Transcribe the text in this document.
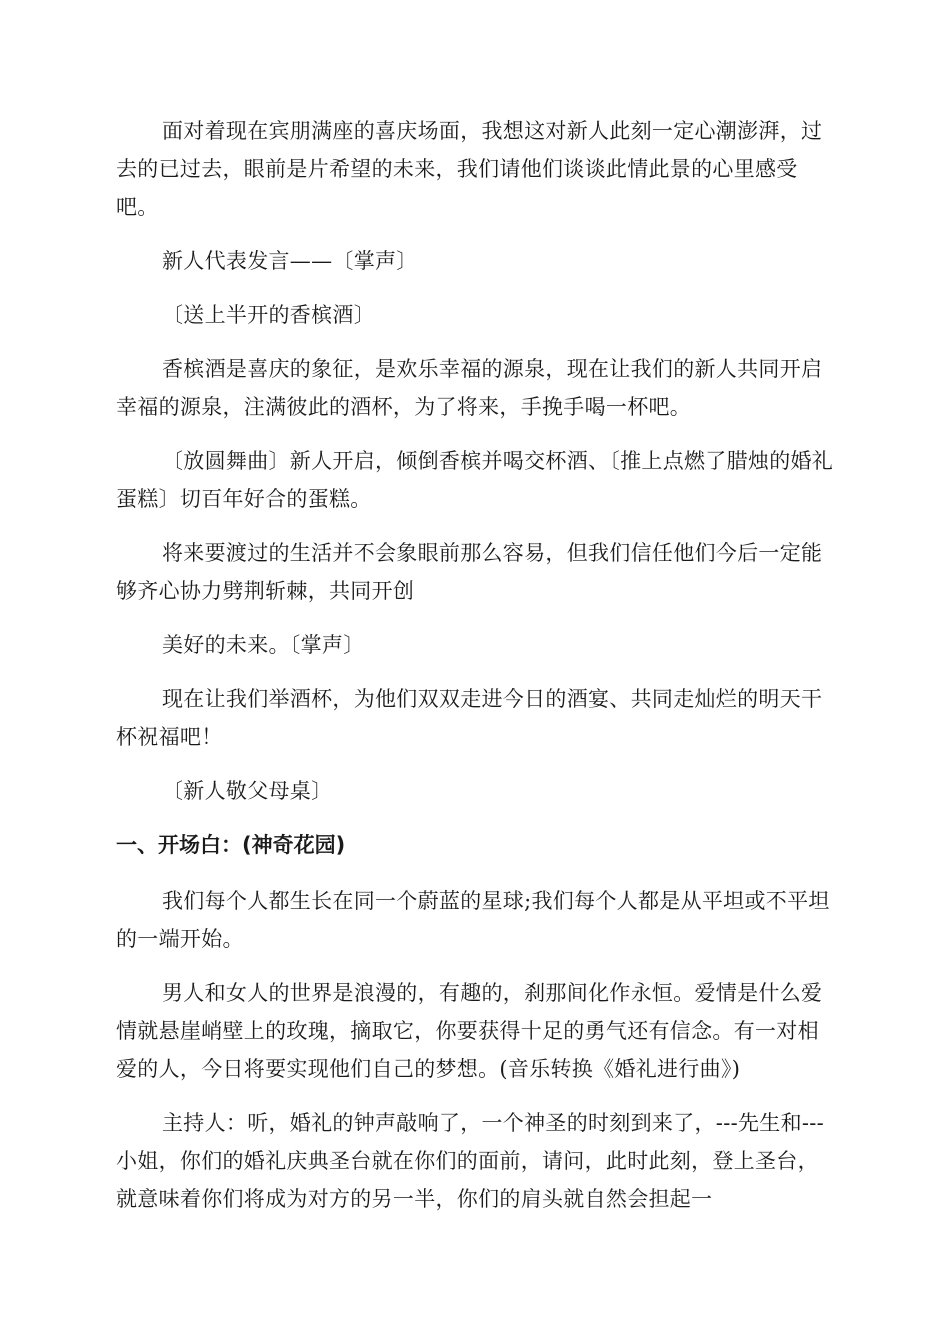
面对着现在宾朋满座的喜庆场面，我想这对新人此刻一定心潮澎湃，过去的已过去，眼前是片希望的未来，我们请他们谈谈此情此景的心里感受吧。

新人代表发言——〔掌声〕

〔送上半开的香槟酒〕

香槟酒是喜庆的象征，是欢乐幸福的源泉，现在让我们的新人共同开启幸福的源泉，注满彼此的酒杯，为了将来，手挽手喝一杯吧。

〔放圆舞曲〕新人开启，倾倒香槟并喝交杯酒、〔推上点燃了腊烛的婚礼蛋糕〕切百年好合的蛋糕。

将来要渡过的生活并不会象眼前那么容易，但我们信任他们今后一定能够齐心协力劈荆斩棘，共同开创

美好的未来。〔掌声〕

现在让我们举酒杯，为他们双双走进今日的酒宴、共同走灿烂的明天干杯祝福吧！

〔新人敬父母桌〕

一、开场白：(神奇花园)

我们每个人都生长在同一个蔚蓝的星球;我们每个人都是从平坦或不平坦的一端开始。

男人和女人的世界是浪漫的，有趣的，刹那间化作永恒。爱情是什么爱情就悬崖峭壁上的玫瑰，摘取它，你要获得十足的勇气还有信念。有一对相爱的人，今日将要实现他们自己的梦想。(音乐转换《婚礼进行曲》)

主持人：听，婚礼的钟声敲响了，一个神圣的时刻到来了，---先生和---小姐，你们的婚礼庆典圣台就在你们的面前，请问，此时此刻，登上圣台，就意味着你们将成为对方的另一半，你们的肩头就自然会担起一
